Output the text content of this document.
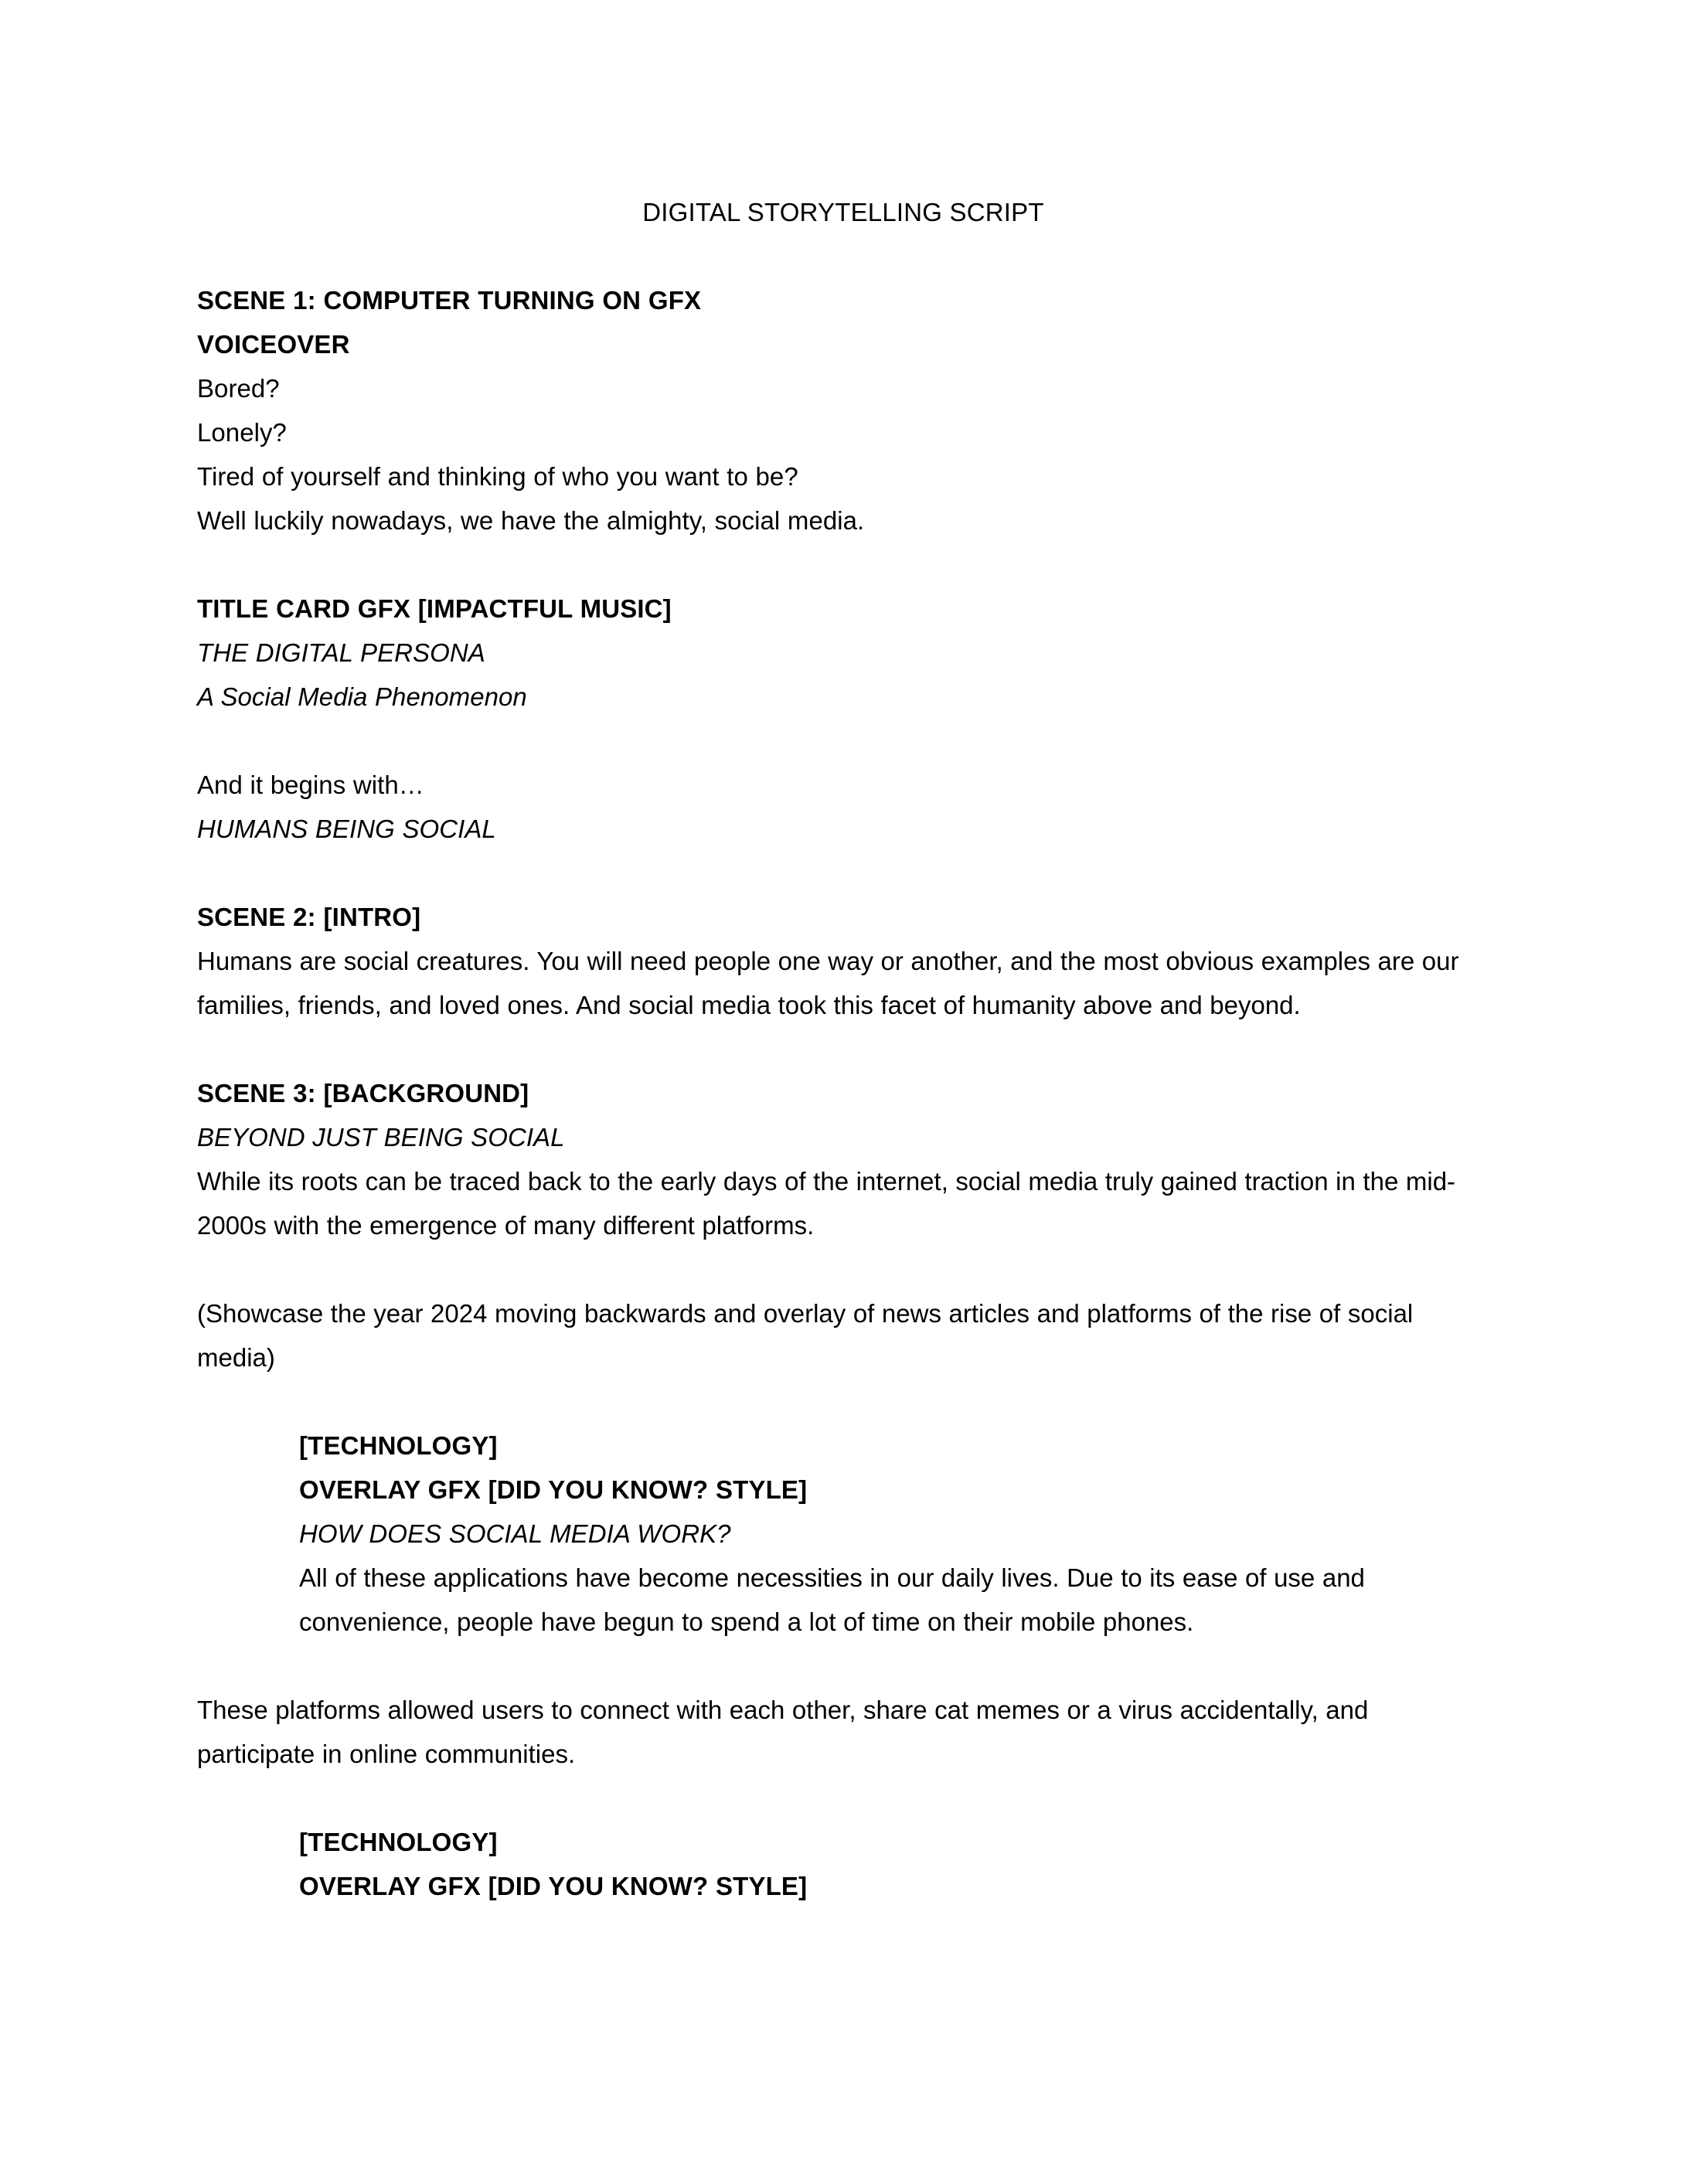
DIGITAL STORYTELLING SCRIPT

SCENE 1: COMPUTER TURNING ON GFX

VOICEOVER

Bored?

Lonely?

Tired of yourself and thinking of who you want to be?

Well luckily nowadays, we have the almighty, social media.

TITLE CARD GFX [IMPACTFUL MUSIC]

THE DIGITAL PERSONA

A Social Media Phenomenon

And it begins with…

HUMANS BEING SOCIAL

SCENE 2: [INTRO]

Humans are social creatures. You will need people one way or another, and the most obvious examples are our families, friends, and loved ones. And social media took this facet of humanity above and beyond.

SCENE 3: [BACKGROUND]

BEYOND JUST BEING SOCIAL

While its roots can be traced back to the early days of the internet, social media truly gained traction in the mid-2000s with the emergence of many different platforms.

(Showcase the year 2024 moving backwards and overlay of news articles and platforms of the rise of social media)

[TECHNOLOGY]

OVERLAY GFX [DID YOU KNOW? STYLE]

HOW DOES SOCIAL MEDIA WORK?

All of these applications have become necessities in our daily lives. Due to its ease of use and convenience, people have begun to spend a lot of time on their mobile phones.

These platforms allowed users to connect with each other, share cat memes or a virus accidentally, and participate in online communities.

[TECHNOLOGY]

OVERLAY GFX [DID YOU KNOW? STYLE]
